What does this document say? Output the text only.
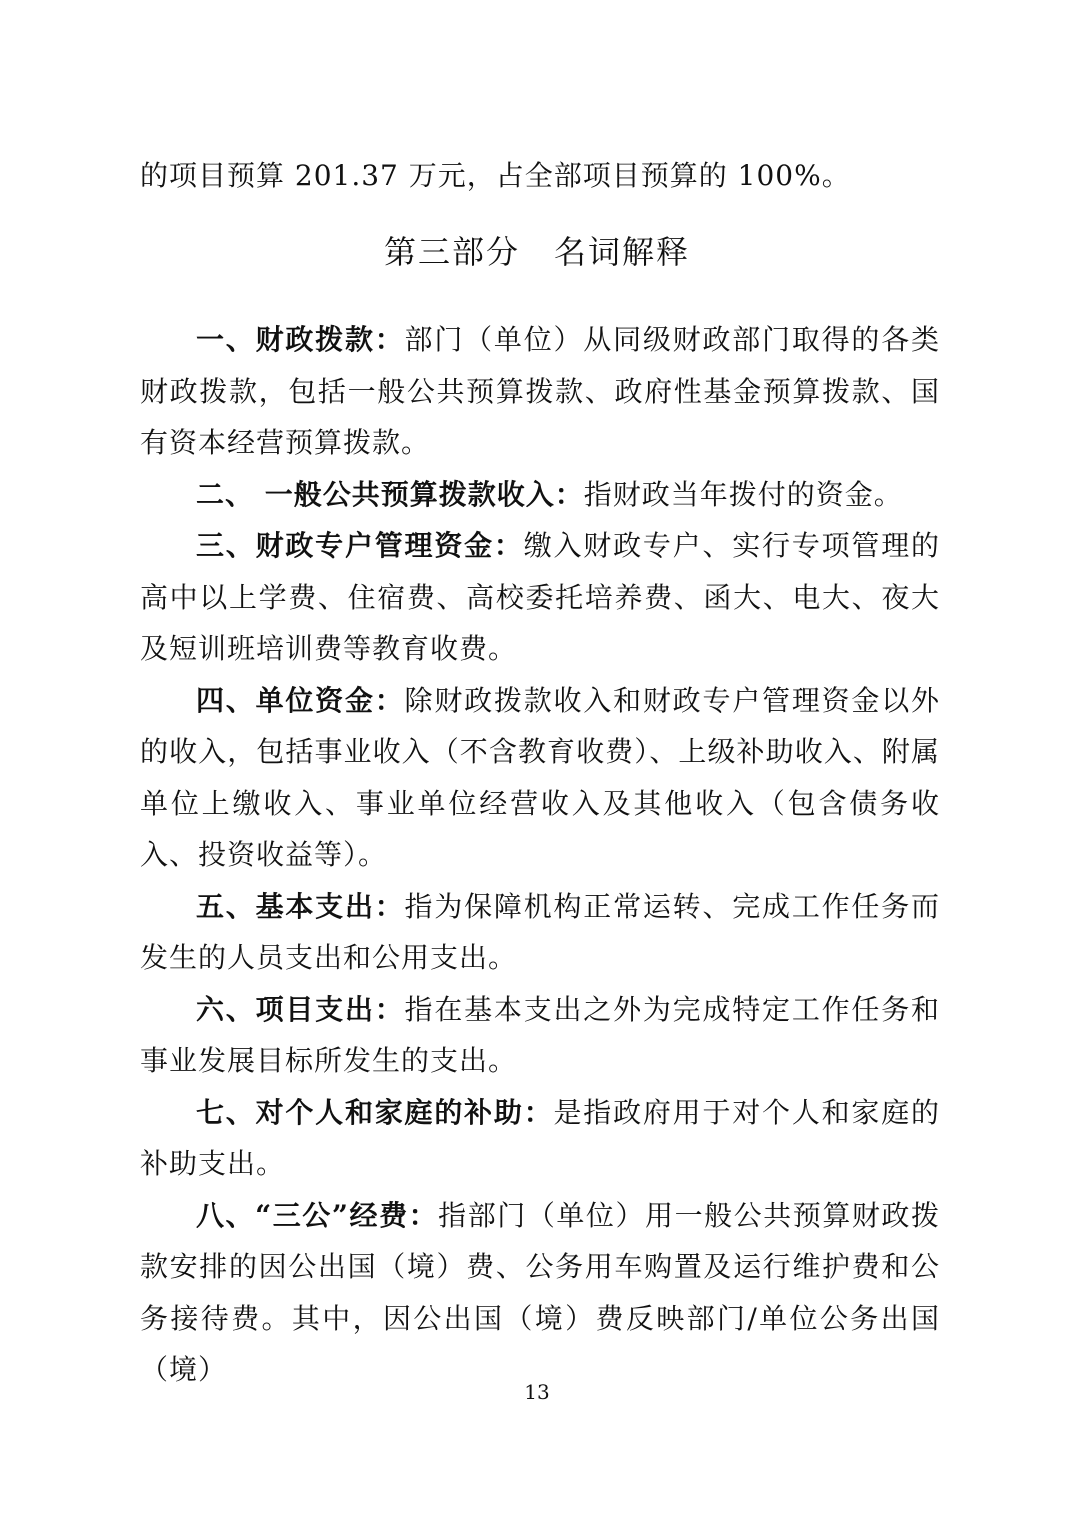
的项目预算 201.37 万元，占全部项目预算的 100%。

第三部分　名词解释

一、财政拨款：部门（单位）从同级财政部门取得的各类财政拨款，包括一般公共预算拨款、政府性基金预算拨款、国有资本经营预算拨款。

二、 一般公共预算拨款收入：指财政当年拨付的资金。

三、财政专户管理资金：缴入财政专户、实行专项管理的高中以上学费、住宿费、高校委托培养费、函大、电大、夜大及短训班培训费等教育收费。

四、单位资金：除财政拨款收入和财政专户管理资金以外的收入，包括事业收入（不含教育收费）、上级补助收入、附属单位上缴收入、事业单位经营收入及其他收入（包含债务收入、投资收益等）。

五、基本支出：指为保障机构正常运转、完成工作任务而发生的人员支出和公用支出。

六、项目支出：指在基本支出之外为完成特定工作任务和事业发展目标所发生的支出。

七、对个人和家庭的补助：是指政府用于对个人和家庭的补助支出。

八、“三公”经费：指部门（单位）用一般公共预算财政拨款安排的因公出国（境）费、公务用车购置及运行维护费和公务接待费。其中，因公出国（境）费反映部门/单位公务出国（境）

13
